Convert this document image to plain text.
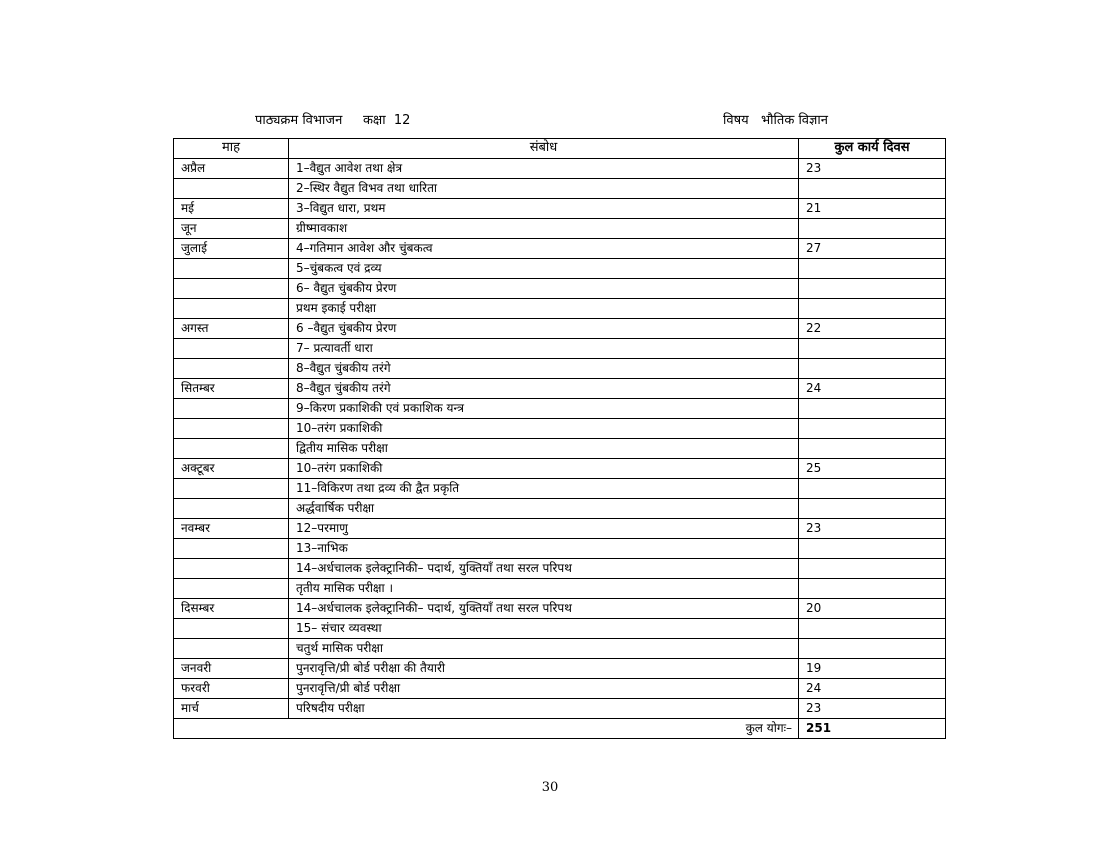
पाठ्यक्रम विभाजन     कक्षा  12	विषय   भौतिक विज्ञान
माह	संबोध	कुल कार्य दिवस
अप्रैल	1–वैद्युत आवेश तथा क्षेत्र	23
	2–स्थिर वैद्युत विभव तथा धारिता	
मई	3–विद्युत धारा, प्रथम	21
जून	ग्रीष्मावकाश	
जुलाई	4–गतिमान आवेश और चुंबकत्व	27
	5–चुंबकत्व एवं द्रव्य	
	6– वैद्युत चुंबकीय प्रेरण	
	प्रथम इकाई परीक्षा	
अगस्त	6 –वैद्युत चुंबकीय प्रेरण	22
	7– प्रत्यावर्ती धारा	
	8–वैद्युत चुंबकीय तरंगे	
सितम्बर	8–वैद्युत चुंबकीय तरंगे	24
	9–किरण प्रकाशिकी एवं प्रकाशिक यन्त्र	
	10–तरंग प्रकाशिकी	
	द्वितीय मासिक परीक्षा	
अक्टूबर	10–तरंग प्रकाशिकी	25
	11–विकिरण तथा द्रव्य की द्वैत प्रकृति	
	अर्द्धवार्षिक परीक्षा	
नवम्बर	12–परमाणु	23
	13–नाभिक	
	14–अर्धचालक इलेक्ट्रानिकी– पदार्थ, युक्तियाँ तथा सरल परिपथ	
	तृतीय मासिक परीक्षा ।	
दिसम्बर	14–अर्धचालक इलेक्ट्रानिकी– पदार्थ, युक्तियाँ तथा सरल परिपथ	20
	15– संचार व्यवस्था	
	चतुर्थ मासिक परीक्षा	
जनवरी	पुनरावृत्ति/प्री बोर्ड परीक्षा की तैयारी	19
फरवरी	पुनरावृत्ति/प्री बोर्ड परीक्षा	24
मार्च	परिषदीय परीक्षा	23
कुल योगः–		251
30
